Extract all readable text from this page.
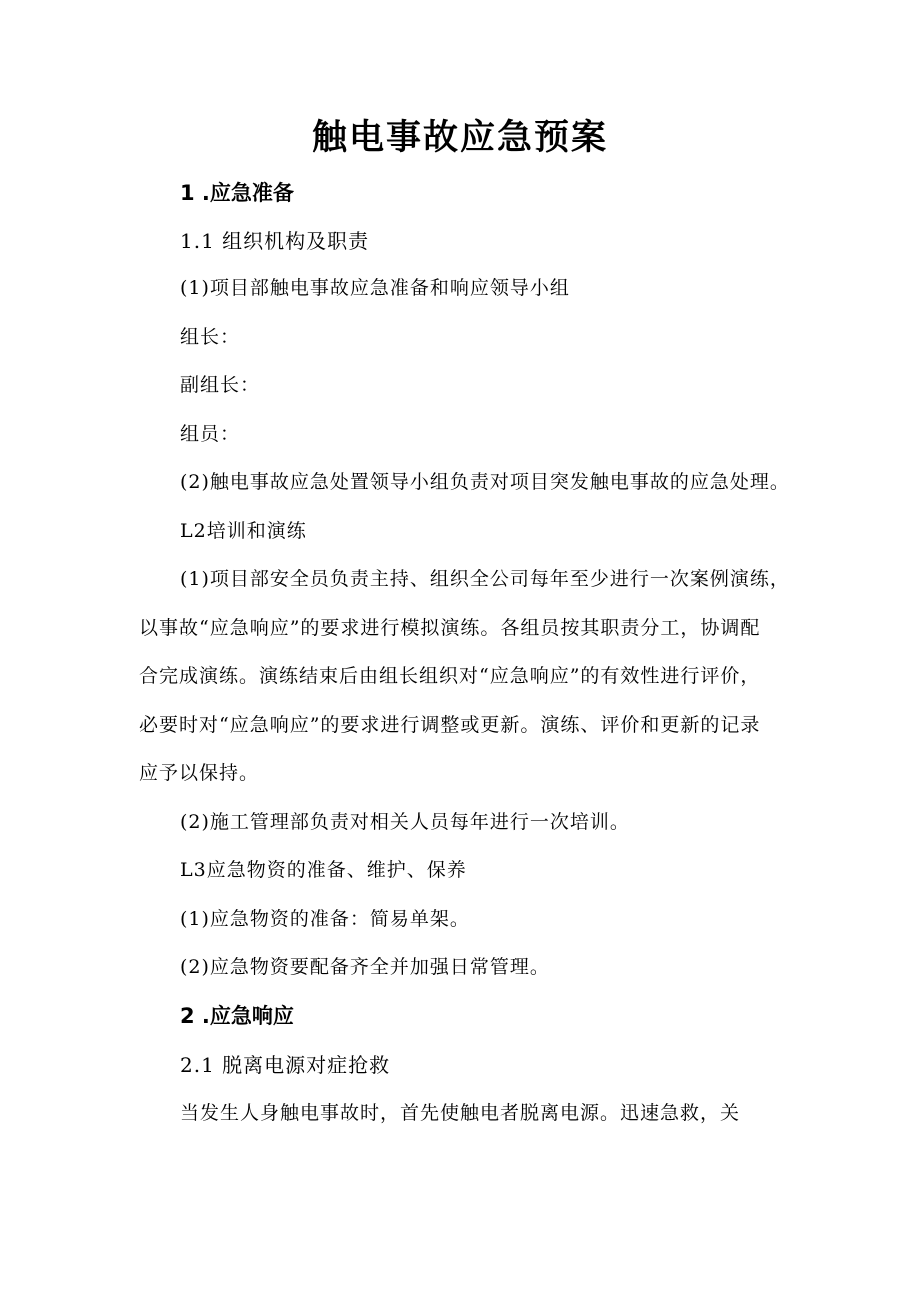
触电事故应急预案
1 .应急准备
1.1 组织机构及职责
(1)项目部触电事故应急准备和响应领导小组
组长：
副组长：
组员：
(2)触电事故应急处置领导小组负责对项目突发触电事故的应急处理。
L2培训和演练
(1)项目部安全员负责主持、组织全公司每年至少进行一次案例演练，
以事故“应急响应”的要求进行模拟演练。各组员按其职责分工，协调配
合完成演练。演练结束后由组长组织对“应急响应”的有效性进行评价，
必要时对“应急响应”的要求进行调整或更新。演练、评价和更新的记录
应予以保持。
(2)施工管理部负责对相关人员每年进行一次培训。
L3应急物资的准备、维护、保养
(1)应急物资的准备：简易单架。
(2)应急物资要配备齐全并加强日常管理。
2 .应急响应
2.1 脱离电源对症抢救
当发生人身触电事故时，首先使触电者脱离电源。迅速急救，关
